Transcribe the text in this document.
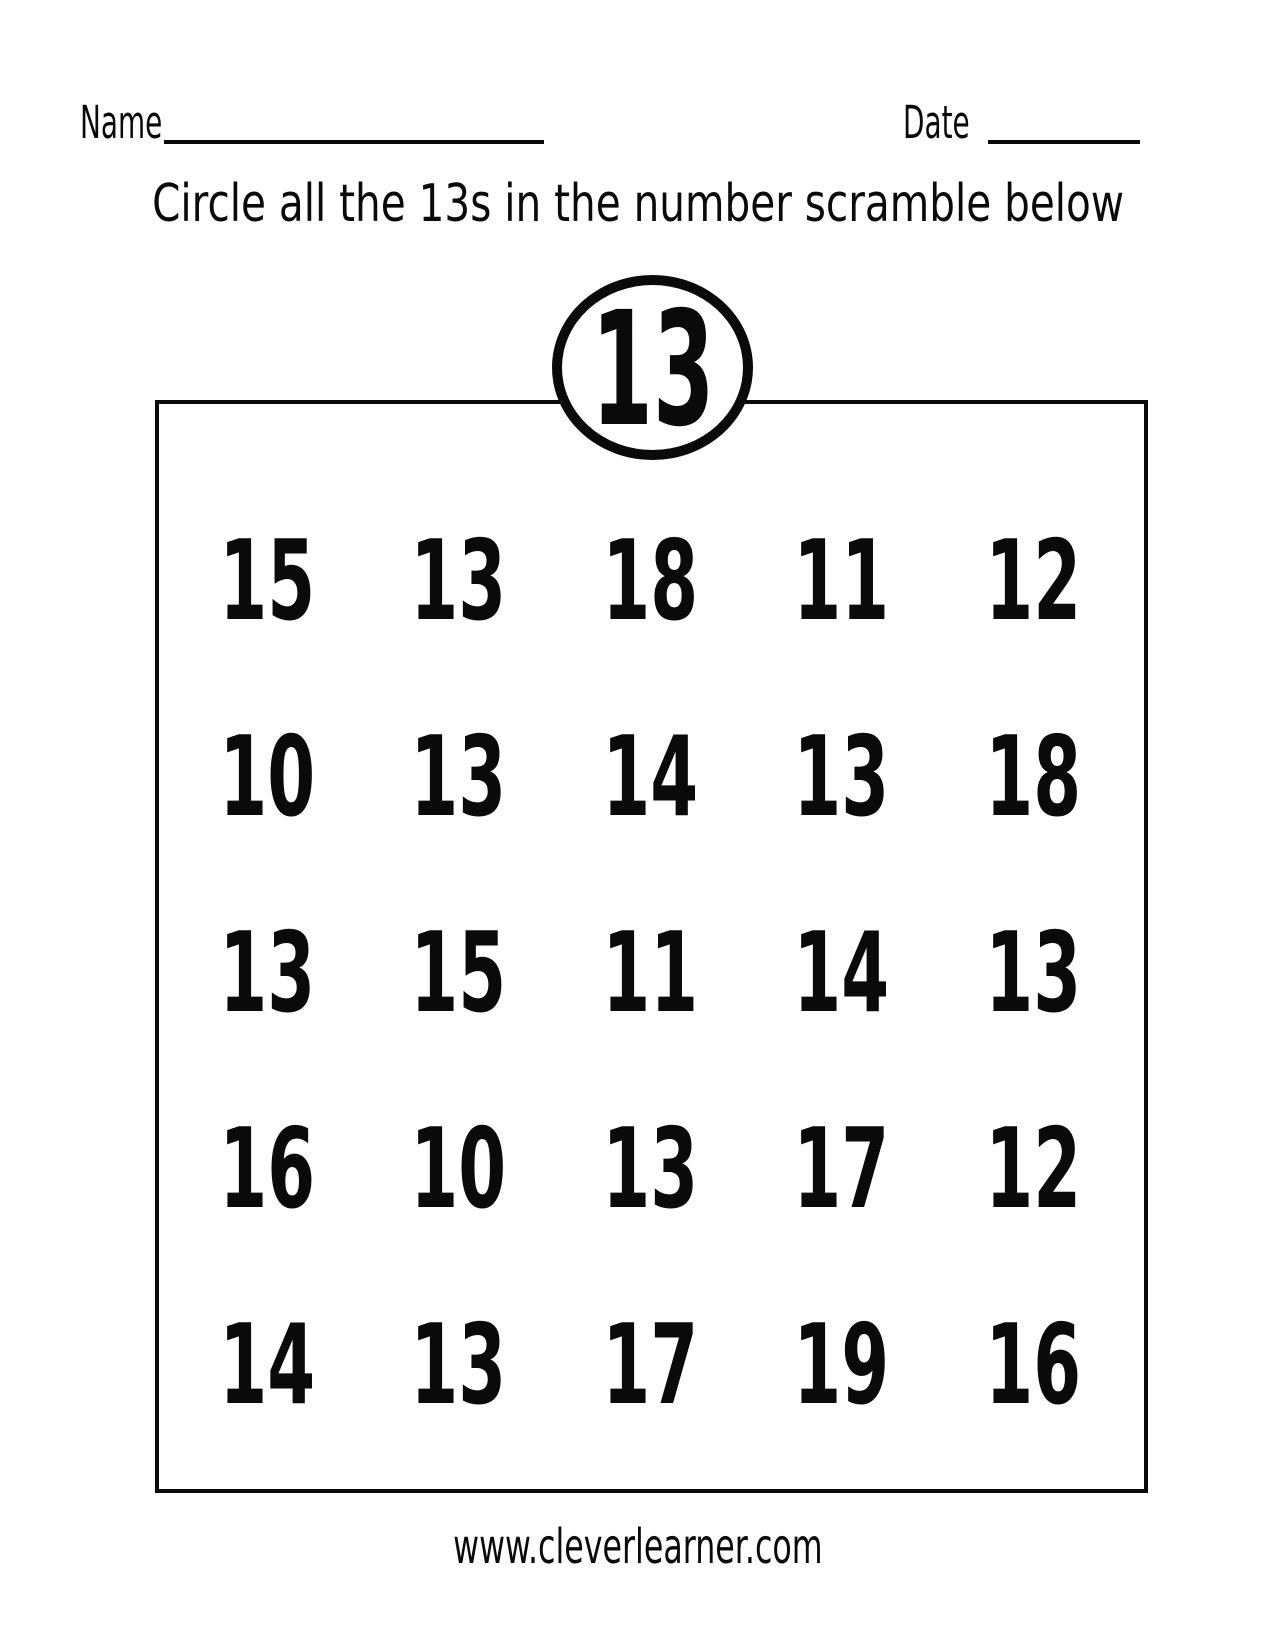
Name	Date
Circle all the 13s in the number scramble below
13
15 13 18 11 12
10 13 14 13 18
13 15 11 14 13
16 10 13 17 12
14 13 17 19 16
www.cleverlearner.com
